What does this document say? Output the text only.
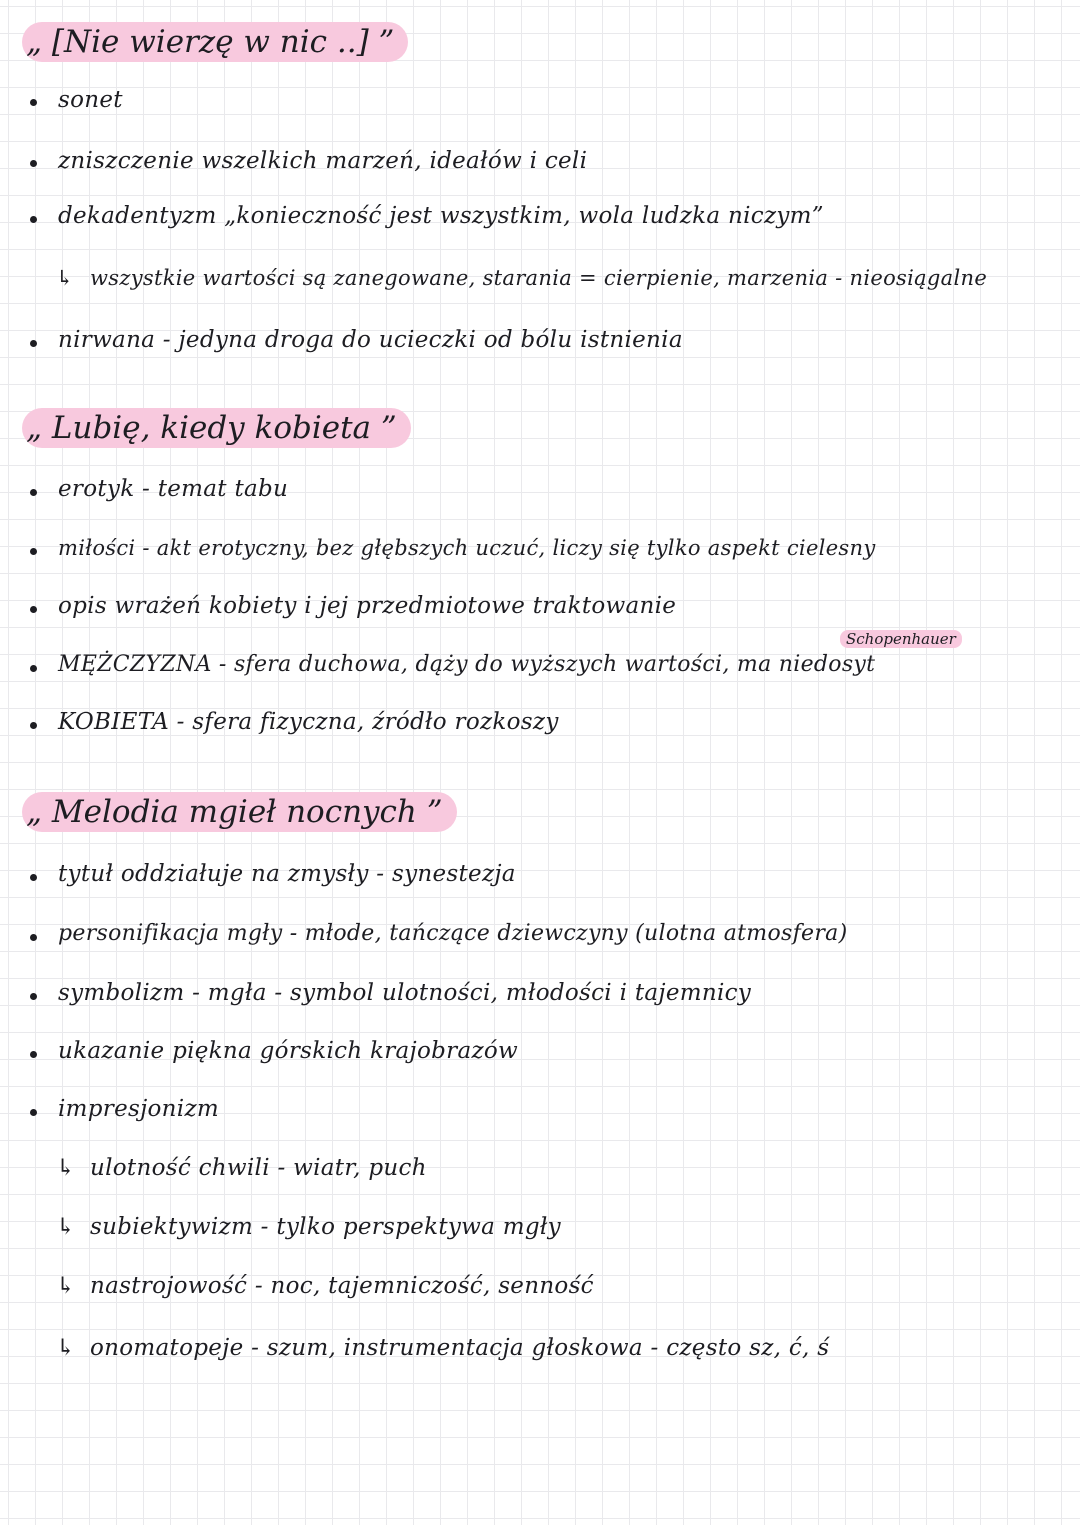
„ [Nie wierzę w nic ..] ”
sonet
zniszczenie wszelkich marzeń, ideałów i celi
dekadentyzm „konieczność jest wszystkim, wola ludzka niczym”
↳ wszystkie wartości są zanegowane, starania = cierpienie, marzenia - nieosiągalne
nirwana - jedyna droga do ucieczki od bólu istnienia
„ Lubię, kiedy kobieta ”
erotyk - temat tabu
miłości - akt erotyczny, bez głębszych uczuć, liczy się tylko aspekt cielesny
opis wrażeń kobiety i jej przedmiotowe traktowanie
Schopenhauer
MĘŻCZYZNA - sfera duchowa, dąży do wyższych wartości, ma niedosyt
KOBIETA - sfera fizyczna, źródło rozkoszy
„ Melodia mgieł nocnych ”
tytuł oddziałuje na zmysły - synestezja
personifikacja mgły - młode, tańczące dziewczyny (ulotna atmosfera)
symbolizm - mgła - symbol ulotności, młodości i tajemnicy
ukazanie piękna górskich krajobrazów
impresjonizm
↳ ulotność chwili - wiatr, puch
↳ subiektywizm - tylko perspektywa mgły
↳ nastrojowość - noc, tajemniczość, senność
↳ onomatopeje - szum, instrumentacja głoskowa - często sz, ć, ś
